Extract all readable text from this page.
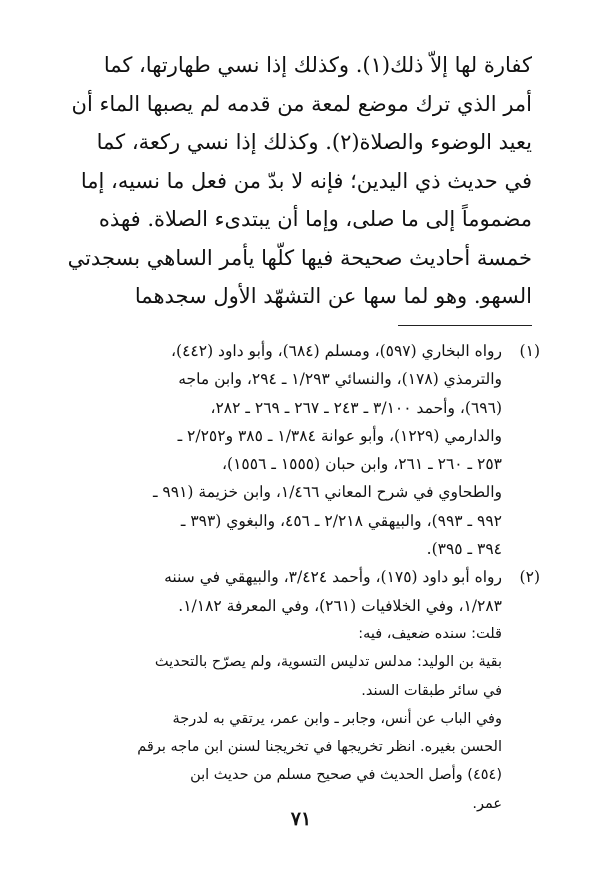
كفارة لها إلاّ ذلك(١). وكذلك إذا نسي طهارتها، كما
أمر الذي ترك موضع لمعة من قدمه لم يصبها الماء أن
يعيد الوضوء والصلاة(٢). وكذلك إذا نسي ركعة، كما
في حديث ذي اليدين؛ فإنه لا بدّ من فعل ما نسيه، إما
مضموماً إلى ما صلى، وإما أن يبتدىء الصلاة. فهذه
خمسة أحاديث صحيحة فيها كلّها يأمر الساهي بسجدتي
السهو. وهو لما سها عن التشهّد الأول سجدهما
(١)
رواه البخاري (٥٩٧)، ومسلم (٦٨٤)، وأبو داود (٤٤٢)،
والترمذي (١٧٨)، والنسائي ١/٢٩٣ ـ ٢٩٤، وابن ماجه
(٦٩٦)، وأحمد ٣/١٠٠ ـ ٢٤٣ ـ ٢٦٧ ـ ٢٦٩ ـ ٢٨٢،
والدارمي (١٢٢٩)، وأبو عوانة ١/٣٨٤ ـ ٣٨٥ و٢/٢٥٢ ـ
٢٥٣ ـ ٢٦٠ ـ ٢٦١، وابن حبان (١٥٥٥ ـ ١٥٥٦)،
والطحاوي في شرح المعاني ١/٤٦٦، وابن خزيمة (٩٩١ ـ
٩٩٢ ـ ٩٩٣)، والبيهقي ٢/٢١٨ ـ ٤٥٦، والبغوي (٣٩٣ ـ
٣٩٤ ـ ٣٩٥).
(٢)
رواه أبو داود (١٧٥)، وأحمد ٣/٤٢٤، والبيهقي في سننه
١/٢٨٣، وفي الخلافيات (٢٦١)، وفي المعرفة ١/١٨٢.
قلت: سنده ضعيف، فيه:
بقية بن الوليد: مدلس تدليس التسوية، ولم يصرّح بالتحديث
في سائر طبقات السند.
وفي الباب عن أنس، وجابر ـ وابن عمر، يرتقي به لدرجة
الحسن بغيره. انظر تخريجها في تخريجنا لسنن ابن ماجه برقم
(٤٥٤) وأصل الحديث في صحيح مسلم من حديث ابن
عمر.
٧١
